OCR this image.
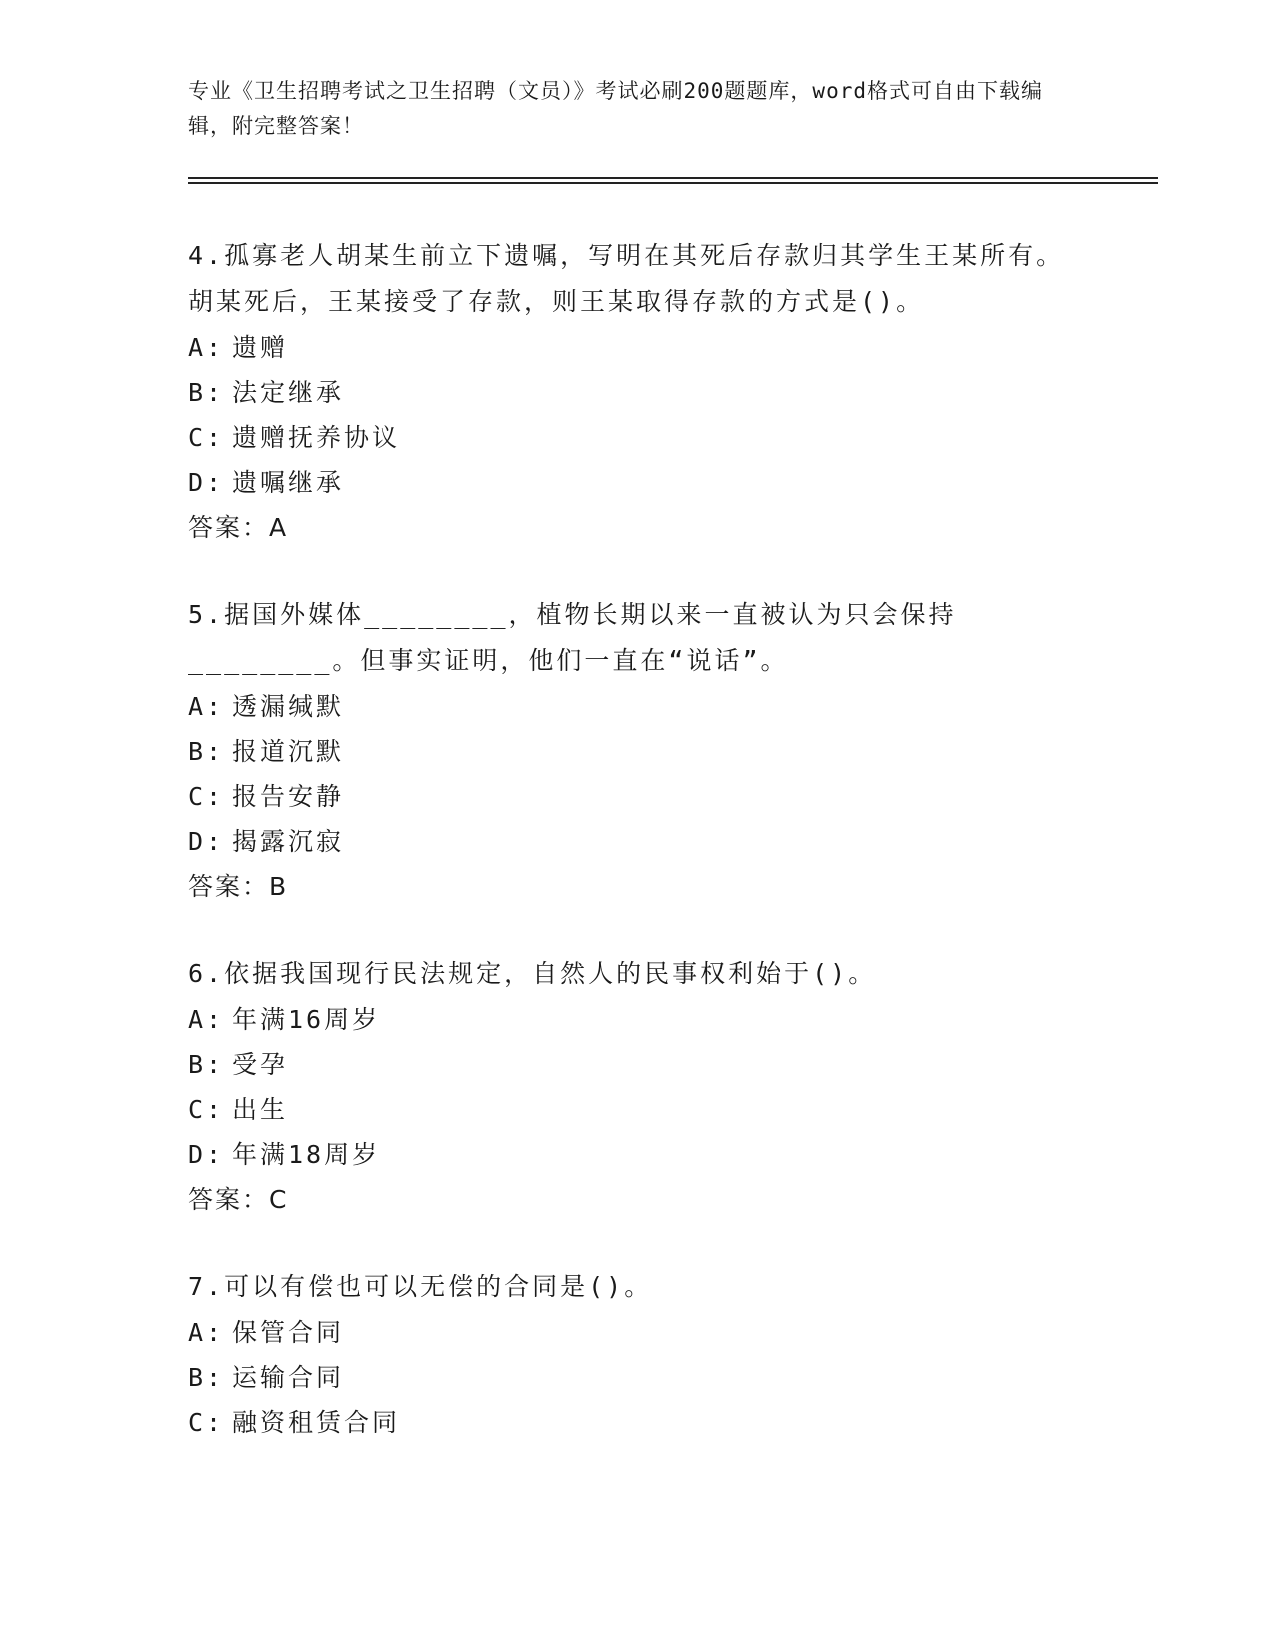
专业《卫生招聘考试之卫生招聘（文员）》考试必刷200题题库，word格式可自由下载编辑，附完整答案！
4.孤寡老人胡某生前立下遗嘱，写明在其死后存款归其学生王某所有。胡某死后，王某接受了存款，则王某取得存款的方式是()。
A: 遗赠
B: 法定继承
C: 遗赠抚养协议
D: 遗嘱继承
答案：A
5.据国外媒体________，植物长期以来一直被认为只会保持________。但事实证明，他们一直在“说话”。
A: 透漏缄默
B: 报道沉默
C: 报告安静
D: 揭露沉寂
答案：B
6.依据我国现行民法规定，自然人的民事权利始于()。
A: 年满16周岁
B: 受孕
C: 出生
D: 年满18周岁
答案：C
7.可以有偿也可以无偿的合同是()。
A: 保管合同
B: 运输合同
C: 融资租赁合同
